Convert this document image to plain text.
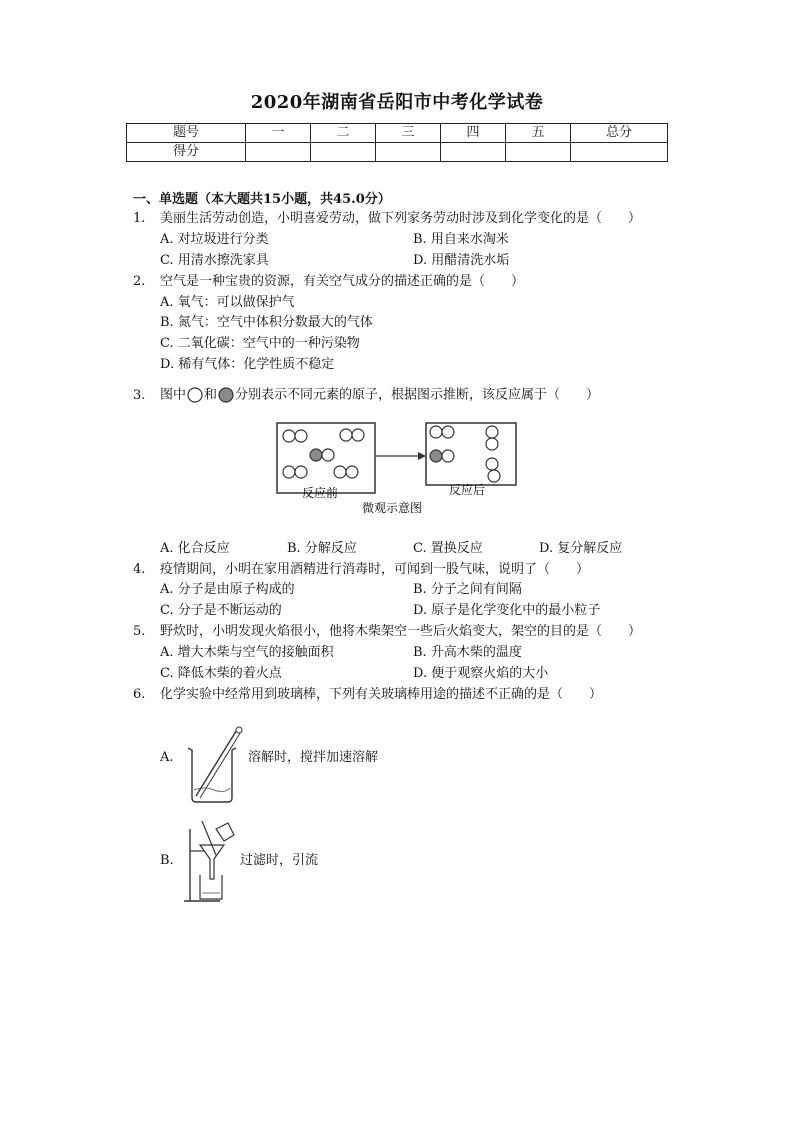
2020年湖南省岳阳市中考化学试卷
题号	一	二	三	四	五	总分
得分						
一、单选题（本大题共15小题，共45.0分）
1. 美丽生活劳动创造，小明喜爱劳动，做下列家务劳动时涉及到化学变化的是（　　）
A. 对垃圾进行分类	B. 用自来水淘米
C. 用清水擦洗家具	D. 用醋清洗水垢
2. 空气是一种宝贵的资源，有关空气成分的描述正确的是（　　）
A. 氧气：可以做保护气
B. 氮气：空气中体积分数最大的气体
C. 二氧化碳：空气中的一种污染物
D. 稀有气体：化学性质不稳定
3. 图中 和 分别表示不同元素的原子，根据图示推断，该反应属于（　　）
反应前	反应后
微观示意图
A. 化合反应	B. 分解反应	C. 置换反应	D. 复分解反应
4. 疫情期间，小明在家用酒精进行消毒时，可闻到一股气味，说明了（　　）
A. 分子是由原子构成的	B. 分子之间有间隔
C. 分子是不断运动的	D. 原子是化学变化中的最小粒子
5. 野炊时，小明发现火焰很小，他将木柴架空一些后火焰变大，架空的目的是（　　）
A. 增大木柴与空气的接触面积	B. 升高木柴的温度
C. 降低木柴的着火点	D. 便于观察火焰的大小
6. 化学实验中经常用到玻璃棒，下列有关玻璃棒用途的描述不正确的是（　　）
A.	溶解时，搅拌加速溶解
B.	过滤时，引流
